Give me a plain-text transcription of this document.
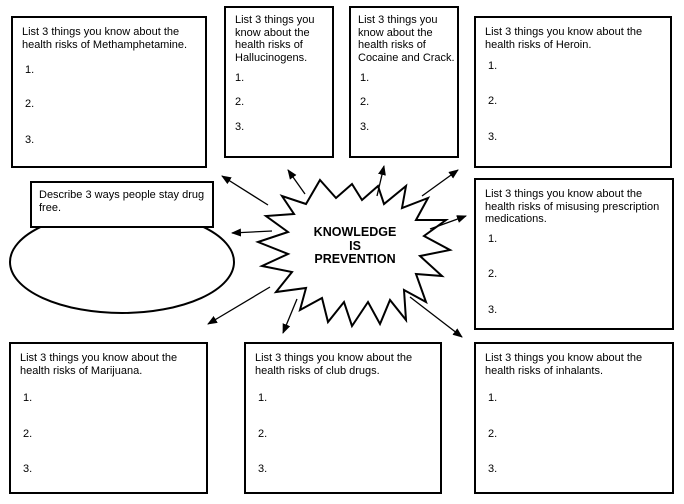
KNOWLEDGE
IS
PREVENTION

Describe 3 ways people stay drug free.

List 3 things you know about the health risks of Methamphetamine.

1.
2.
3.

List 3 things you know about the health risks of Hallucinogens.

1.
2.
3.

List 3 things you know about the health risks of Cocaine and Crack.

1.
2.
3.

List 3 things you know about the health risks of Heroin.

1.
2.
3.

List 3 things you know about the health risks of misusing prescription medications.

1.
2.
3.

List 3 things you know about the health risks of Marijuana.

1.
2.
3.

List 3 things you know about the health risks of club drugs.

1.
2.
3.

List 3 things you know about the health risks of inhalants.

1.
2.
3.
